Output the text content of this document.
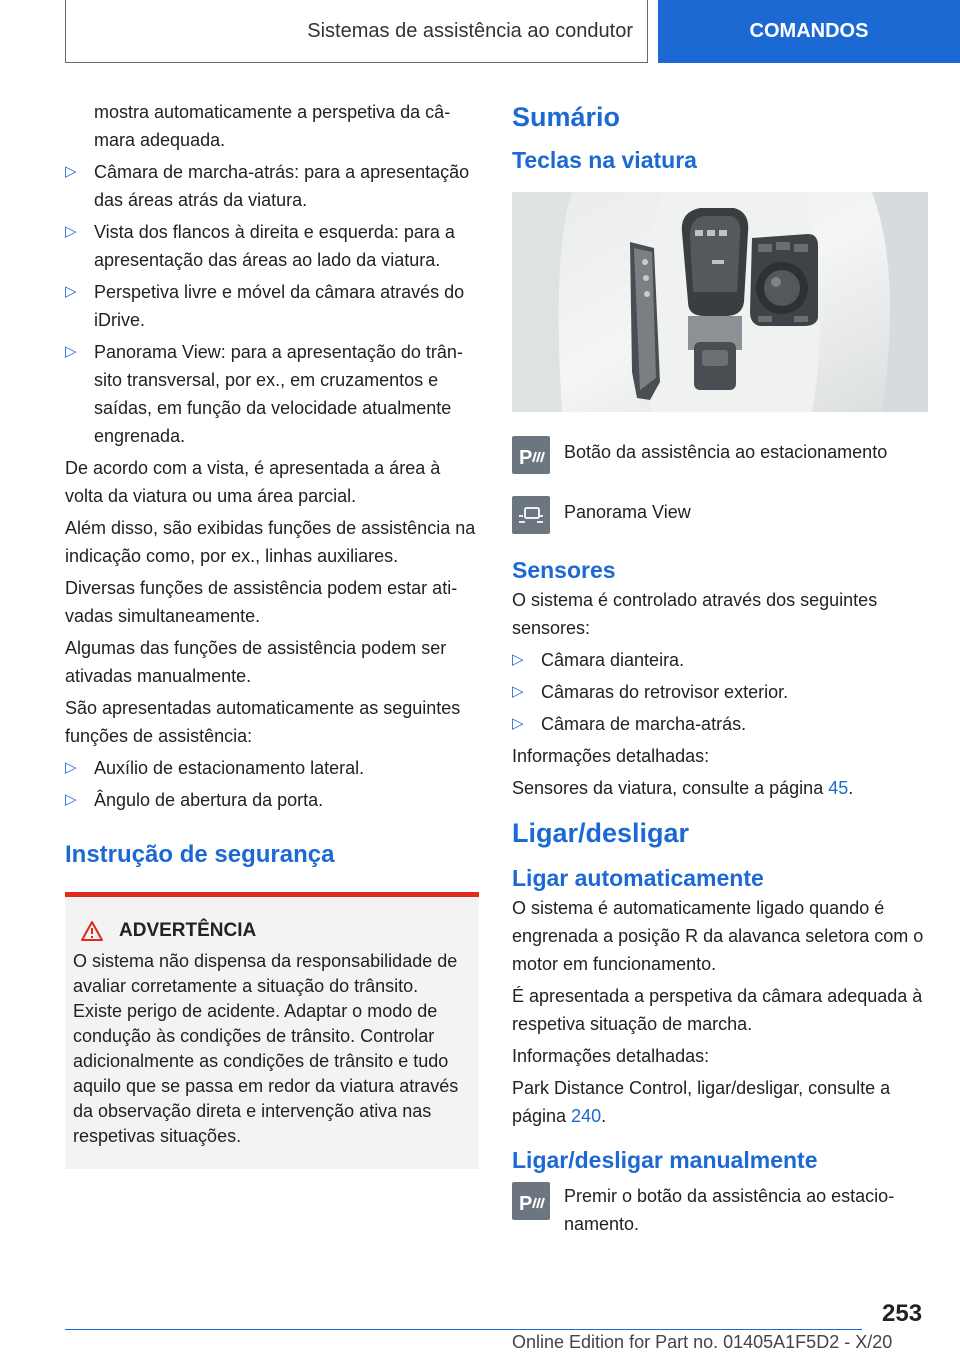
Sistemas de assistência ao condutor	COMANDOS

mostra automaticamente a perspetiva da câmara adequada.

▷ Câmara de marcha-atrás: para a apresentação das áreas atrás da viatura.
▷ Vista dos flancos à direita e esquerda: para a apresentação das áreas ao lado da viatura.
▷ Perspetiva livre e móvel da câmara através do iDrive.
▷ Panorama View: para a apresentação do trânsito transversal, por ex., em cruzamentos e saídas, em função da velocidade atualmente engrenada.

De acordo com a vista, é apresentada a área à volta da viatura ou uma área parcial.

Além disso, são exibidas funções de assistência na indicação como, por ex., linhas auxiliares.

Diversas funções de assistência podem estar ativadas simultaneamente.

Algumas das funções de assistência podem ser ativadas manualmente.

São apresentadas automaticamente as seguintes funções de assistência:

▷ Auxílio de estacionamento lateral.
▷ Ângulo de abertura da porta.
Instrução de segurança
ADVERTÊNCIA
O sistema não dispensa da responsabilidade de avaliar corretamente a situação do trânsito. Existe perigo de acidente. Adaptar o modo de condução às condições de trânsito. Controlar adicionalmente as condições de trânsito e tudo aquilo que se passa em redor da viatura através da observação direta e intervenção ativa nas respetivas situações.
Sumário
Teclas na viatura
P Botão da assistência ao estacionamento
Panorama View
Sensores

O sistema é controlado através dos seguintes sensores:

▷ Câmara dianteira.
▷ Câmaras do retrovisor exterior.
▷ Câmara de marcha-atrás.

Informações detalhadas:

Sensores da viatura, consulte a página 45.

Ligar/desligar
Ligar automaticamente

O sistema é automaticamente ligado quando é engrenada a posição R da alavanca seletora com o motor em funcionamento.

É apresentada a perspetiva da câmara adequada à respetiva situação de marcha.

Informações detalhadas:

Park Distance Control, ligar/desligar, consulte a página 240.

Ligar/desligar manualmente
P Premir o botão da assistência ao estacionamento.
253
Online Edition for Part no. 01405A1F5D2 - X/20
